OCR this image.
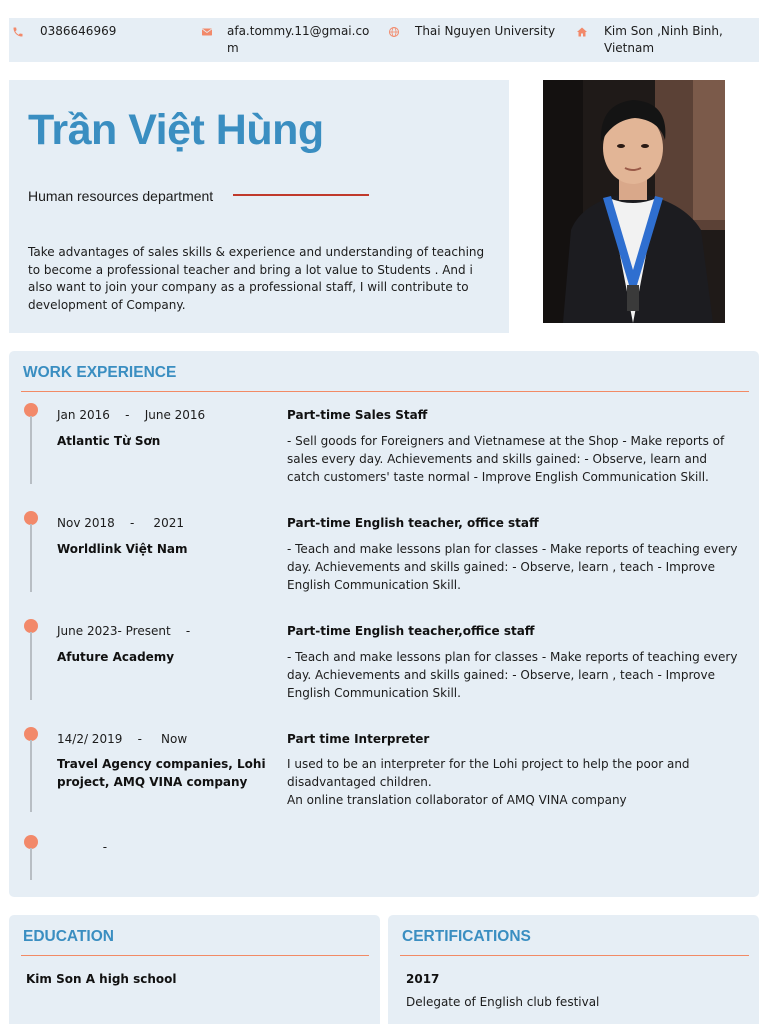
0386646969	afa.tommy.11@gmai.co
m
Thai Nguyen University	Kim Son ,Ninh Binh,
Vietnam
Trần Việt Hùng
Human resources department
Take advantages of sales skills & experience and understanding of teaching to become a professional teacher and bring a lot value to Students . And i also want to join your company as a professional staff, I will contribute to development of Company.
WORK EXPERIENCE
Jan 2016    -    June 2016
Atlantic Từ Sơn
Part-time Sales Staff
- Sell goods for Foreigners and Vietnamese at the Shop - Make reports of sales every day. Achievements and skills gained: - Observe, learn and catch customers' taste normal - Improve English Communication Skill.
Nov 2018    -     2021
Worldlink Việt Nam
Part-time English teacher, office staff
- Teach and make lessons plan for classes - Make reports of teaching every day. Achievements and skills gained: - Observe, learn , teach - Improve English Communication Skill.
June 2023- Present    -
Afuture Academy
Part-time English teacher,office staff
- Teach and make lessons plan for classes - Make reports of teaching every day. Achievements and skills gained: - Observe, learn , teach - Improve English Communication Skill.
14/2/ 2019    -     Now
Travel Agency companies, Lohi project, AMQ VINA company
Part time Interpreter
I used to be an interpreter for the Lohi project to help the poor and disadvantaged children.
An online translation collaborator of AMQ VINA company
-
EDUCATION
Kim Son A high school
CERTIFICATIONS
2017
Delegate of English club festival
